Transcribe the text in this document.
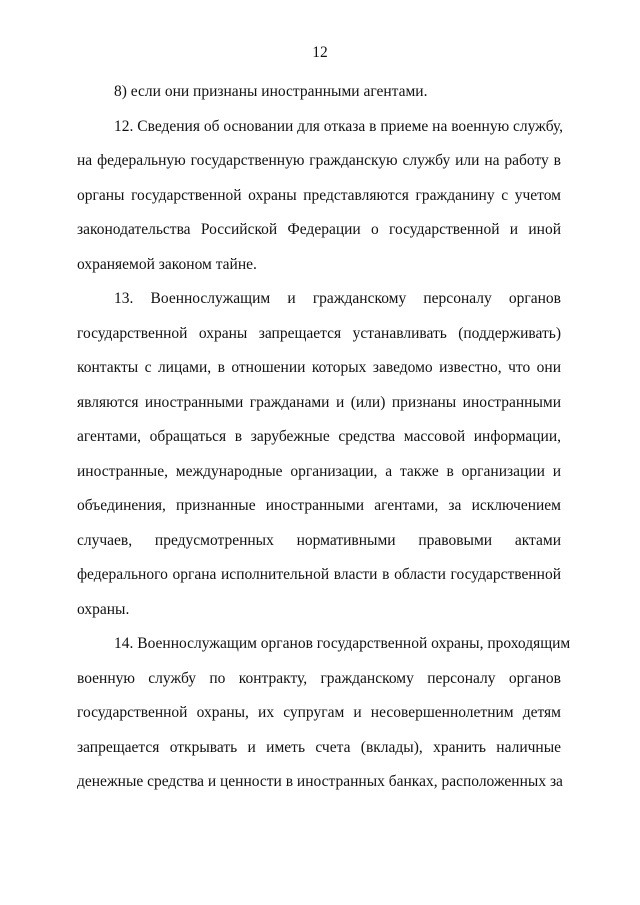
12
8) если они признаны иностранными агентами.
12. Сведения об основании для отказа в приеме на военную службу,
на федеральную государственную гражданскую службу или на работу в
органы государственной охраны представляются гражданину с учетом
законодательства Российской Федерации о государственной и иной
охраняемой законом тайне.
13. Военнослужащим и гражданскому персоналу органов
государственной охраны запрещается устанавливать (поддерживать)
контакты с лицами, в отношении которых заведомо известно, что они
являются иностранными гражданами и (или) признаны иностранными
агентами, обращаться в зарубежные средства массовой информации,
иностранные, международные организации, а также в организации и
объединения, признанные иностранными агентами, за исключением
случаев, предусмотренных нормативными правовыми актами
федерального органа исполнительной власти в области государственной
охраны.
14. Военнослужащим органов государственной охраны, проходящим
военную службу по контракту, гражданскому персоналу органов
государственной охраны, их супругам и несовершеннолетним детям
запрещается открывать и иметь счета (вклады), хранить наличные
денежные средства и ценности в иностранных банках, расположенных за
